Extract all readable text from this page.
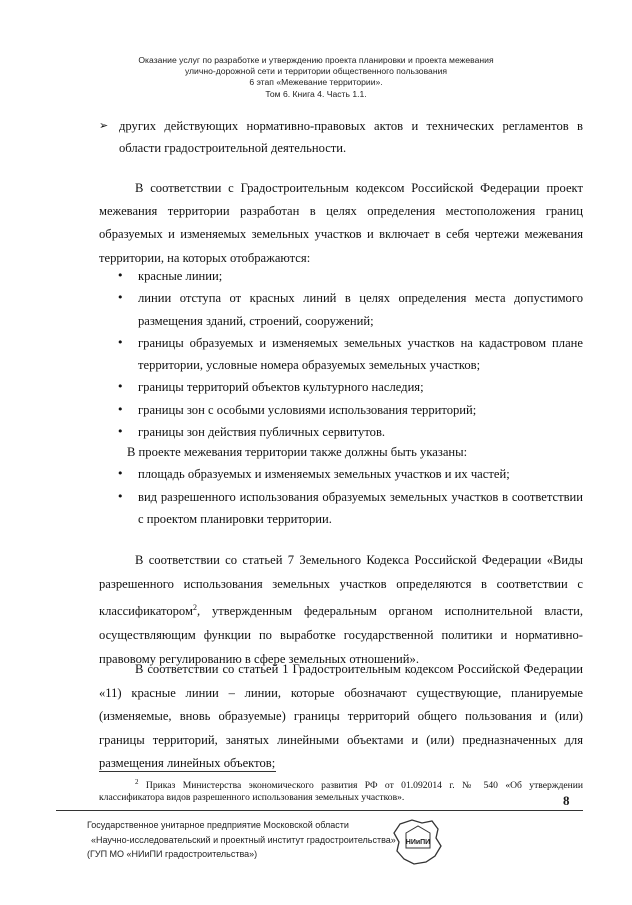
Оказание услуг по разработке и утверждению проекта планировки и проекта межевания
улично-дорожной сети и территории общественного пользования
6 этап «Межевание территории».
Том 6. Книга 4. Часть 1.1.
➢ других действующих нормативно-правовых актов и технических регламентов в области градостроительной деятельности.

В соответствии с Градостроительным кодексом Российской Федерации проект межевания территории разработан в целях определения местоположения границ образуемых и изменяемых земельных участков и включает в себя чертежи межевания территории, на которых отображаются:

• красные линии;
• линии отступа от красных линий в целях определения места допустимого размещения зданий, строений, сооружений;
• границы образуемых и изменяемых земельных участков на кадастровом плане территории, условные номера образуемых земельных участков;
• границы территорий объектов культурного наследия;
• границы зон с особыми условиями использования территорий;
• границы зон действия публичных сервитутов.

В проекте межевания территории также должны быть указаны:

• площадь образуемых и изменяемых земельных участков и их частей;
• вид разрешенного использования образуемых земельных участков в соответствии с проектом планировки территории.

В соответствии со статьей 7 Земельного Кодекса Российской Федерации «Виды разрешенного использования земельных участков определяются в соответствии с классификатором$^2$, утвержденным федеральным органом исполнительной власти, осуществляющим функции по выработке государственной политики и нормативно-правовому регулированию в сфере земельных отношений».

В соответствии со статьей 1 Градостроительным кодексом Российской Федерации «11) красные линии – линии, которые обозначают существующие, планируемые (изменяемые, вновь образуемые) границы территорий общего пользования и (или) границы территорий, занятых линейными объектами и (или) предназначенных для размещения линейных объектов;

$^2$ Приказ Министерства экономического развития РФ от 01.092014 г. № 540 «Об утверждении классификатора видов разрешенного использования земельных участков».	8
Государственное унитарное предприятие Московской области
«Научно-исследовательский и проектный институт градостроительства»
(ГУП МО «НИиПИ градостроительства»)
НИиПИ
